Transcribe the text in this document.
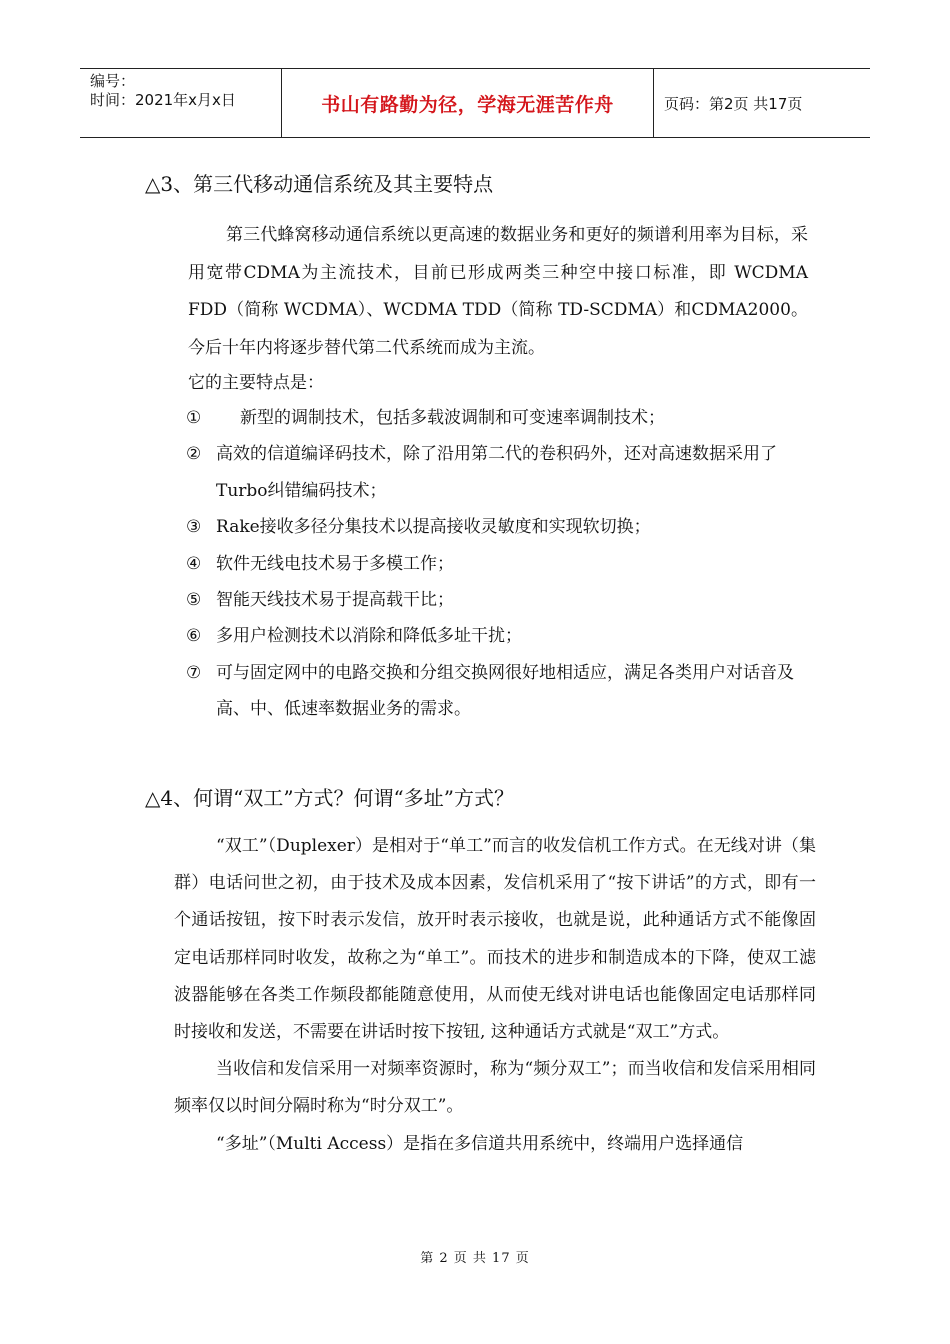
编号：
时间：2021年x月x日	书山有路勤为径，学海无涯苦作舟	页码：第2页 共17页
△3、第三代移动通信系统及其主要特点
第三代蜂窝移动通信系统以更高速的数据业务和更好的频谱利用率为目标，采用宽带CDMA为主流技术，目前已形成两类三种空中接口标准，即 WCDMA FDD（简称 WCDMA）、WCDMA TDD（简称 TD-SCDMA）和CDMA2000。今后十年内将逐步替代第二代系统而成为主流。
它的主要特点是：
①	新型的调制技术，包括多载波调制和可变速率调制技术；
② 高效的信道编译码技术，除了沿用第二代的卷积码外，还对高速数据采用了Turbo纠错编码技术；
③ Rake接收多径分集技术以提高接收灵敏度和实现软切换；
④ 软件无线电技术易于多模工作；
⑤ 智能天线技术易于提高载干比；
⑥ 多用户检测技术以消除和降低多址干扰；
⑦ 可与固定网中的电路交换和分组交换网很好地相适应，满足各类用户对话音及高、中、低速率数据业务的需求。
△4、何谓“双工”方式？何谓“多址”方式？

“双工”（Duplexer）是相对于“单工”而言的收发信机工作方式。在无线对讲（集群）电话问世之初，由于技术及成本因素，发信机采用了“按下讲话”的方式，即有一个通话按钮，按下时表示发信，放开时表示接收，也就是说，此种通话方式不能像固定电话那样同时收发，故称之为“单工”。而技术的进步和制造成本的下降，使双工滤波器能够在各类工作频段都能随意使用，从而使无线对讲电话也能像固定电话那样同时接收和发送，不需要在讲话时按下按钮, 这种通话方式就是“双工”方式。

当收信和发信采用一对频率资源时，称为“频分双工”；而当收信和发信采用相同频率仅以时间分隔时称为“时分双工”。

“多址”（Multi Access）是指在多信道共用系统中，终端用户选择通信

第 2 页 共 17 页
